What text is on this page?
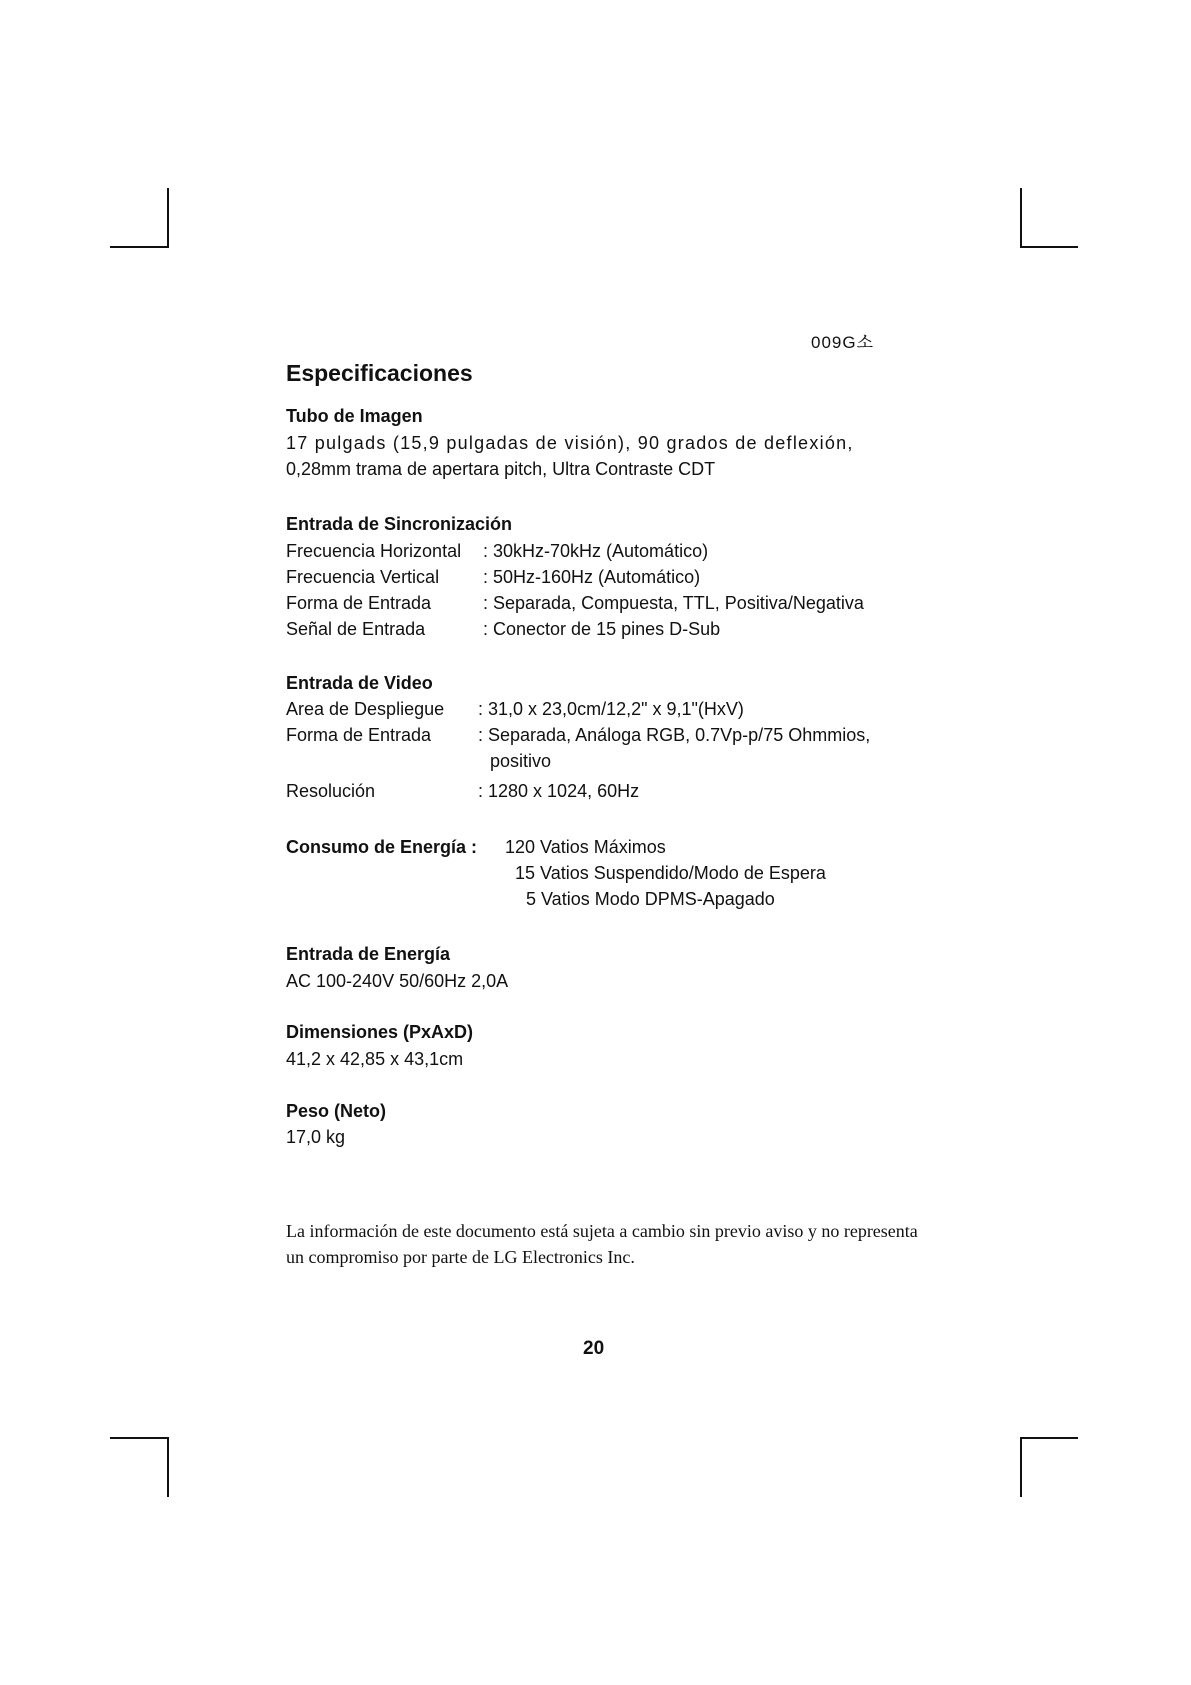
009G소
Especificaciones
Tubo de Imagen
17 pulgads (15,9 pulgadas de visión), 90 grados de deflexión,
0,28mm trama de apertara pitch, Ultra Contraste CDT
Entrada de Sincronización
Frecuencia Horizontal : 30kHz-70kHz (Automático)
Frecuencia Vertical : 50Hz-160Hz (Automático)
Forma de Entrada	: Separada, Compuesta, TTL, Positiva/Negativa
Señal de Entrada	: Conector de 15 pines D-Sub
Entrada de Video
Area de Despliegue : 31,0 x 23,0cm/12,2" x 9,1"(HxV)
Forma de Entrada	: Separada, Análoga RGB, 0.7Vp-p/75 Ohmmios,
positivo
Resolución	: 1280 x 1024, 60Hz
Consumo de Energía : 120 Vatios Máximos
15 Vatios Suspendido/Modo de Espera
5 Vatios Modo DPMS-Apagado
Entrada de Energía
AC 100-240V 50/60Hz 2,0A
Dimensiones (PxAxD)
41,2 x 42,85 x 43,1cm
Peso (Neto)
17,0 kg
La información de este documento está sujeta a cambio sin previo aviso y no representa un compromiso por parte de LG Electronics Inc.
20
